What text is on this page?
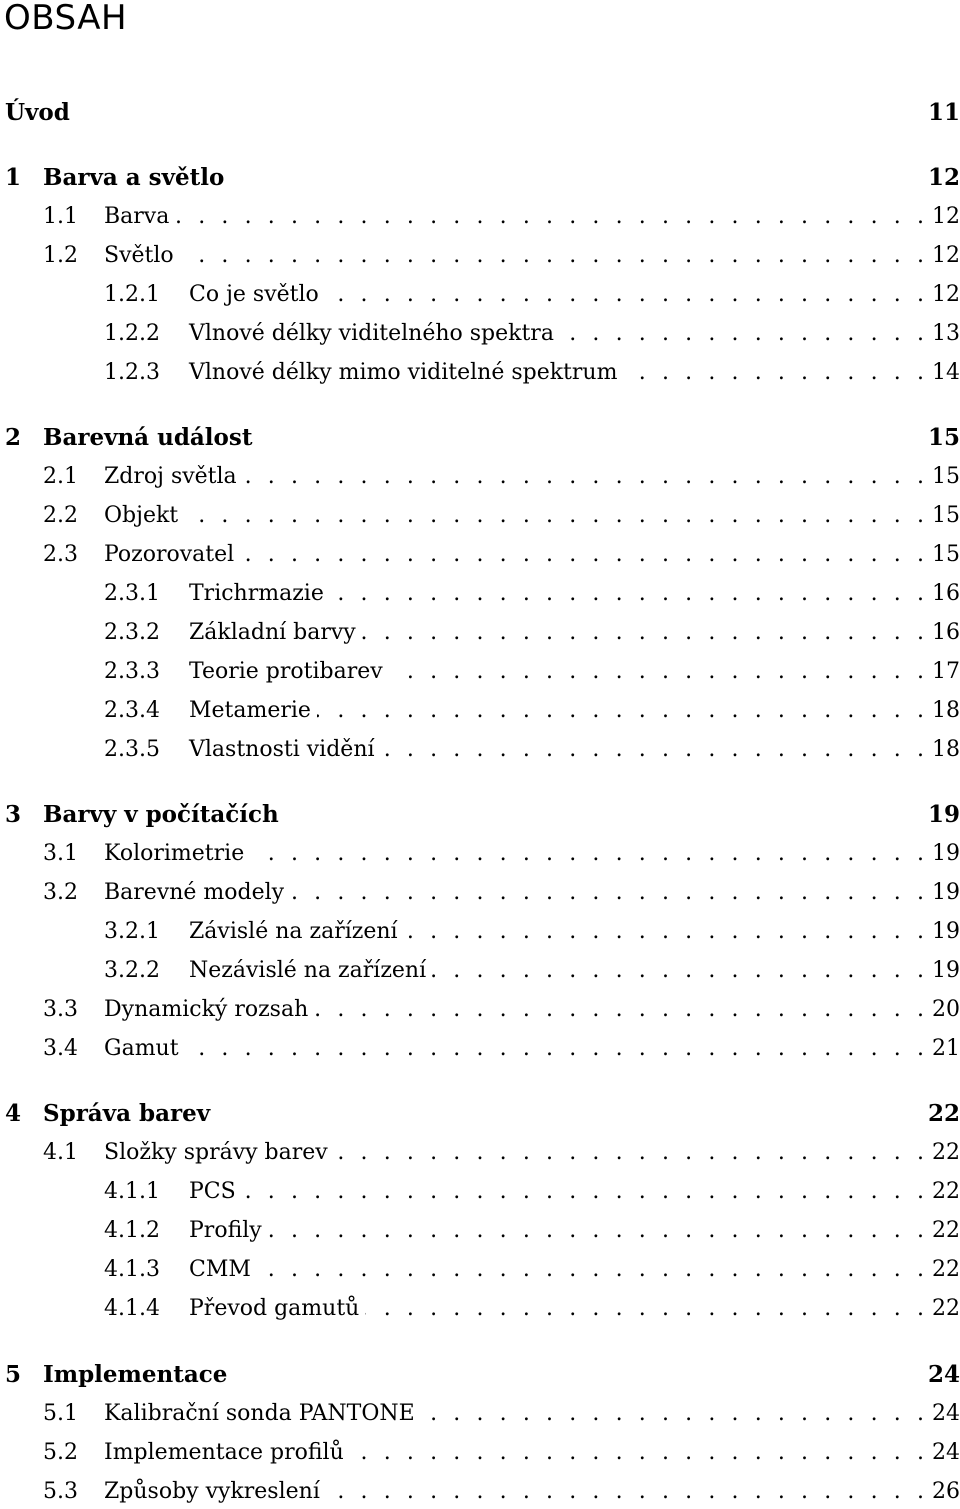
OBSAH
Úvod	11
1 Barva a světlo	12
1.1	Barva . . .	12
1.2	Světlo . . .	12
1.2.1	Co je světlo . . .	12
1.2.2	Vlnové délky viditelného spektra . . .	13
1.2.3	Vlnové délky mimo viditelné spektrum . . .	14
2 Barevná událost	15
2.1	Zdroj světla . . .	15
2.2	Objekt . . .	15
2.3	Pozorovatel . . .	15
2.3.1	Trichrmazie . . .	16
2.3.2	Základní barvy . . .	16
2.3.3	Teorie protibarev . . .	17
2.3.4	Metamerie . . .	18
2.3.5	Vlastnosti vidění . . .	18
3 Barvy v počítačích	19
3.1	Kolorimetrie . . .	19
3.2	Barevné modely . . .	19
3.2.1	Závislé na zařízení . . .	19
3.2.2	Nezávislé na zařízení . . .	19
3.3	Dynamický rozsah . . .	20
3.4	Gamut . . .	21
4 Správa barev	22
4.1	Složky správy barev . . .	22
4.1.1	PCS . . .	22
4.1.2	Profily . . .	22
4.1.3	CMM . . .	22
4.1.4	Převod gamutů . . .	22
5 Implementace	24
5.1	Kalibrační sonda PANTONE . . .	24
5.2	Implementace profilů . . .	24
5.3	Způsoby vykreslení . . .	26
